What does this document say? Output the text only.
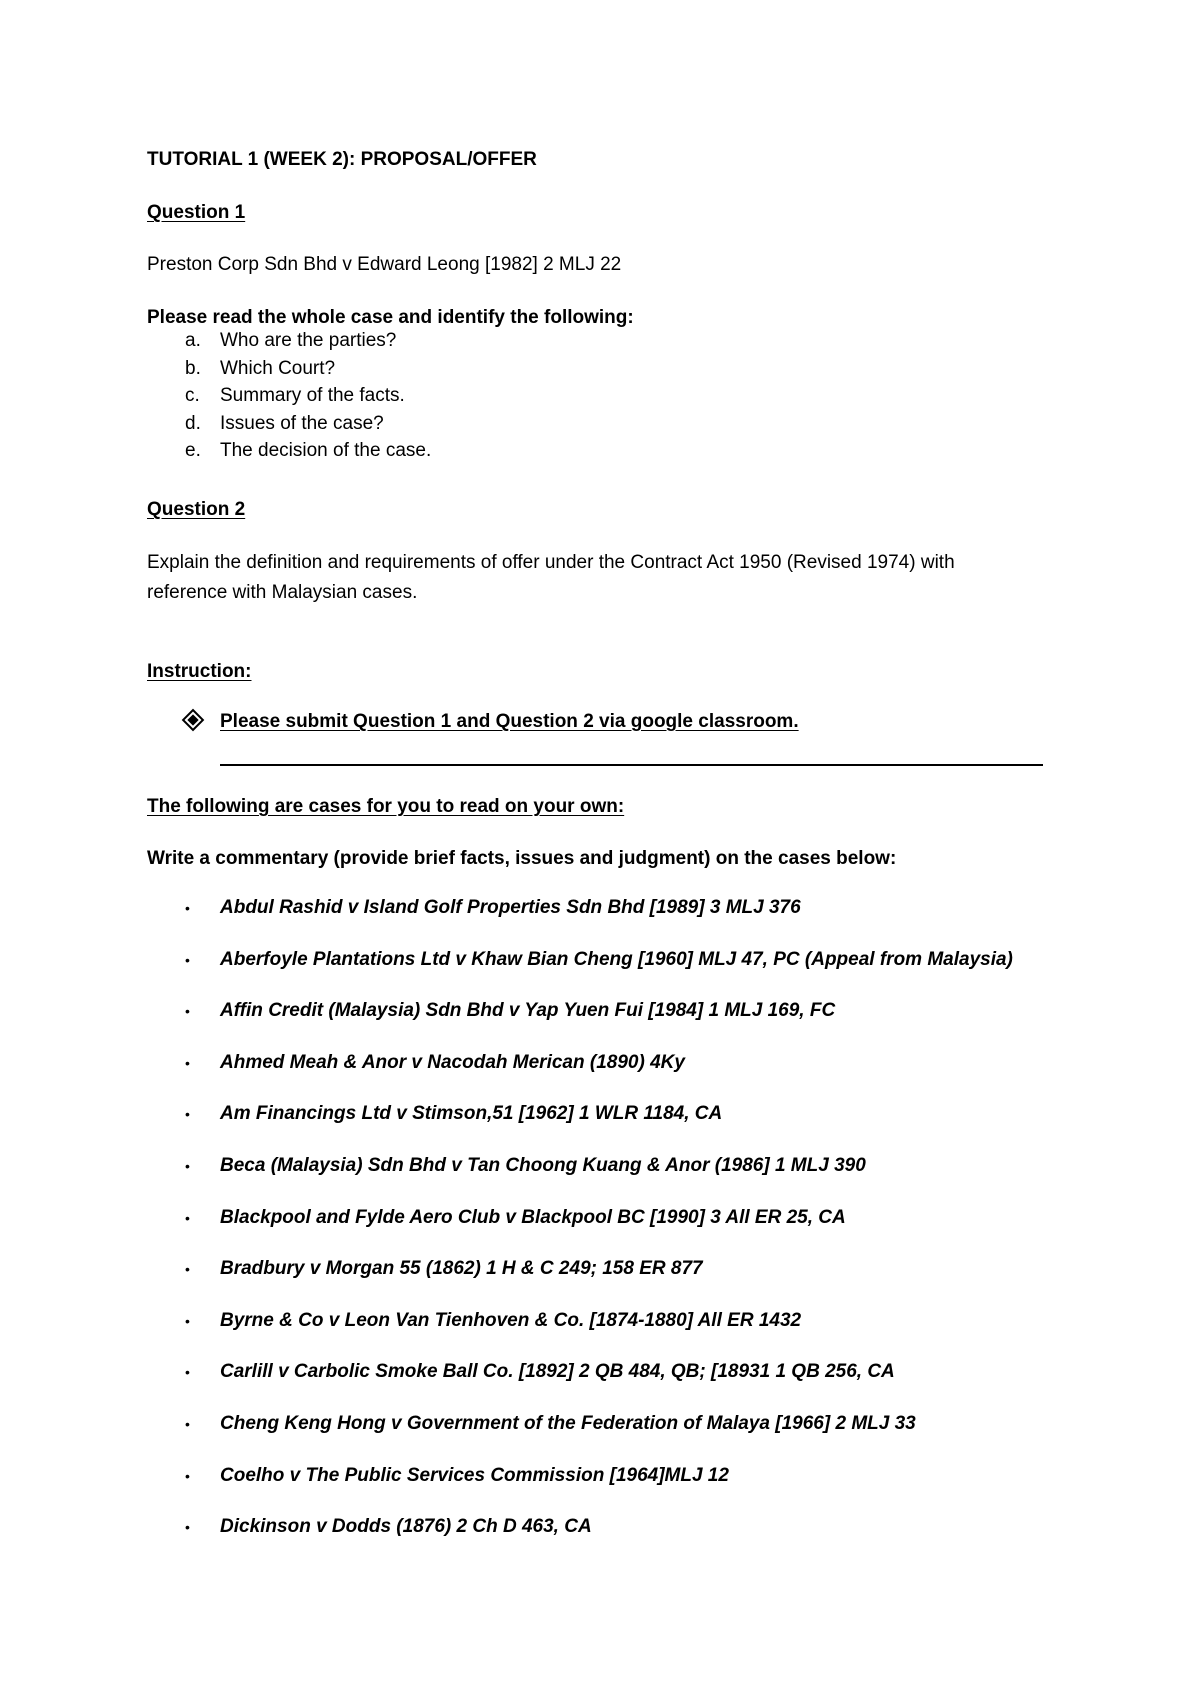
TUTORIAL 1 (WEEK 2): PROPOSAL/OFFER
Question 1
Preston Corp Sdn Bhd v Edward Leong [1982] 2 MLJ 22
Please read the whole case and identify the following:
a. Who are the parties?
b. Which Court?
c. Summary of the facts.
d. Issues of the case?
e. The decision of the case.
Question 2
Explain the definition and requirements of offer under the Contract Act 1950 (Revised 1974) with
reference with Malaysian cases.
Instruction:
Please submit Question 1 and Question 2 via google classroom.
The following are cases for you to read on your own:
Write a commentary (provide brief facts, issues and judgment) on the cases below:
• Abdul Rashid v Island Golf Properties Sdn Bhd [1989] 3 MLJ 376
• Aberfoyle Plantations Ltd v Khaw Bian Cheng [1960] MLJ 47, PC (Appeal from Malaysia)
• Affin Credit (Malaysia) Sdn Bhd v Yap Yuen Fui [1984] 1 MLJ 169, FC
• Ahmed Meah & Anor v Nacodah Merican (1890) 4Ky
• Am Financings Ltd v Stimson,51 [1962] 1 WLR 1184, CA
• Beca (Malaysia) Sdn Bhd v Tan Choong Kuang & Anor (1986] 1 MLJ 390
• Blackpool and Fylde Aero Club v Blackpool BC [1990] 3 All ER 25, CA
• Bradbury v Morgan 55 (1862) 1 H & C 249; 158 ER 877
• Byrne & Co v Leon Van Tienhoven & Co. [1874-1880] All ER 1432
• Carlill v Carbolic Smoke Ball Co. [1892] 2 QB 484, QB; [18931 1 QB 256, CA
• Cheng Keng Hong v Government of the Federation of Malaya [1966] 2 MLJ 33
• Coelho v The Public Services Commission [1964]MLJ 12
• Dickinson v Dodds (1876) 2 Ch D 463, CA
